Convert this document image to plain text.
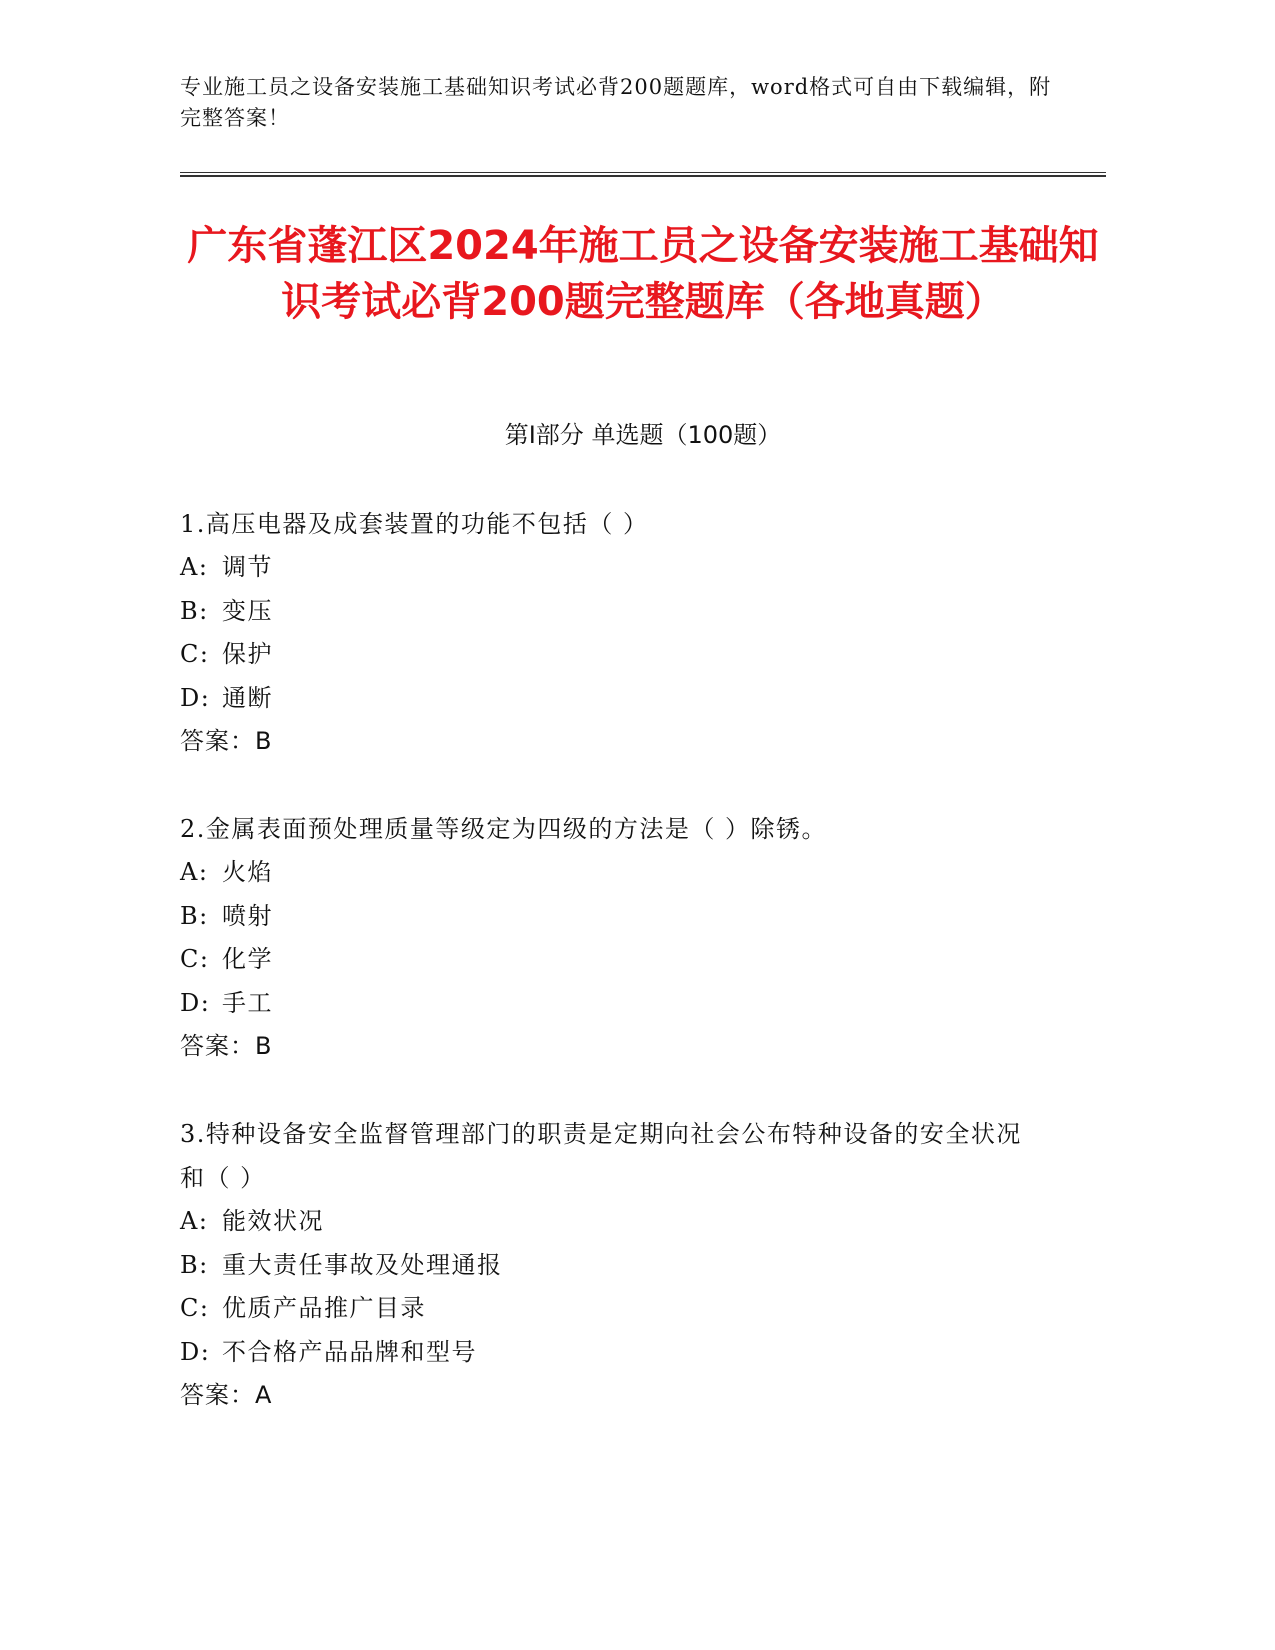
专业施工员之设备安装施工基础知识考试必背200题题库，word格式可自由下载编辑，附完整答案！
广东省蓬江区2024年施工员之设备安装施工基础知识考试必背200题完整题库（各地真题）
第Ⅰ部分 单选题（100题）

1.高压电器及成套装置的功能不包括（ ）

A: 调节

B: 变压

C: 保护

D: 通断

答案：B

2.金属表面预处理质量等级定为四级的方法是（ ）除锈。

A: 火焰

B: 喷射

C: 化学

D: 手工

答案：B

3.特种设备安全监督管理部门的职责是定期向社会公布特种设备的安全状况和（ ）

A: 能效状况

B: 重大责任事故及处理通报

C: 优质产品推广目录

D: 不合格产品品牌和型号

答案：A
